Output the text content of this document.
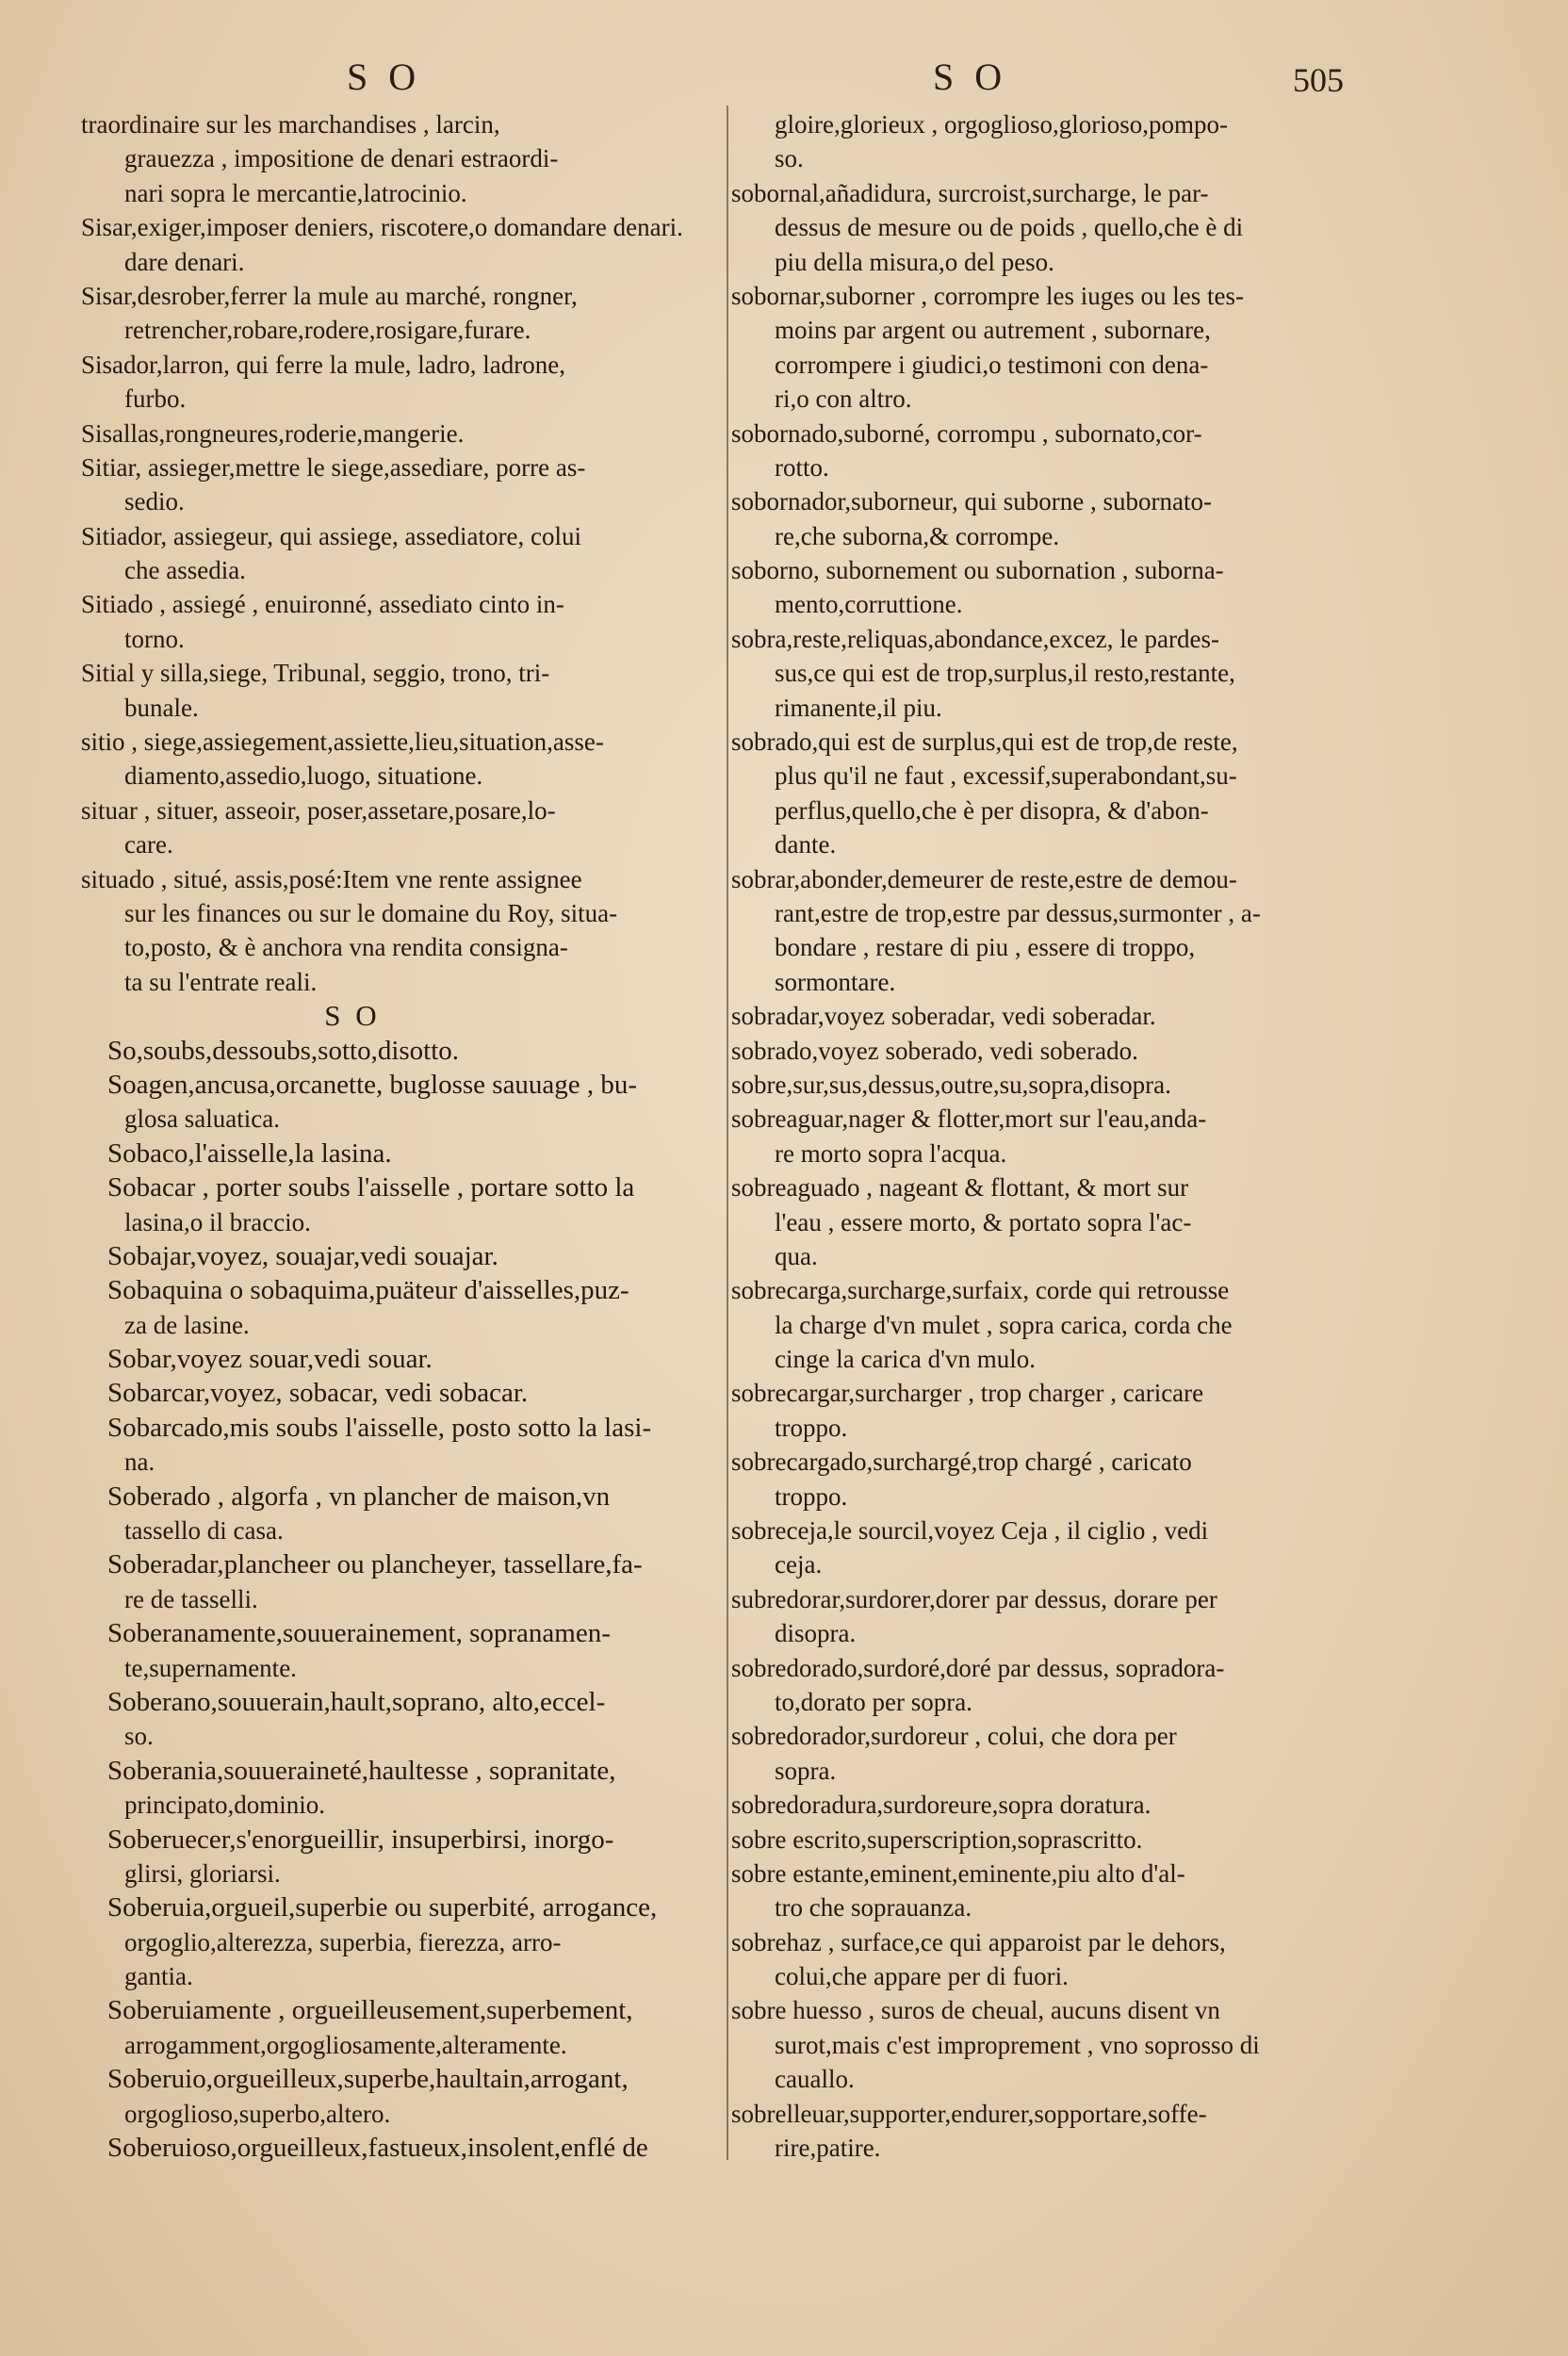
S O	S O	505
traordinaire sur les marchandises , larcin,
grauezza , impositione de denari estraordi-
nari sopra le mercantie,latrocinio.
Sisar,exiger,imposer deniers, riscotere,o domandare denari.
dare denari.
Sisar,desrober,ferrer la mule au marché, rongner,
retrencher,robare,rodere,rosigare,furare.
Sisador,larron, qui ferre la mule, ladro, ladrone,
furbo.
Sisallas,rongneures,roderie,mangerie.
Sitiar, assieger,mettre le siege,assediare, porre as-
sedio.
Sitiador, assiegeur, qui assiege, assediatore, colui
che assedia.
Sitiado , assiegé , enuironné, assediato cinto in-
torno.
Sitial y silla,siege, Tribunal, seggio, trono, tri-
bunale.
sitio , siege,assiegement,assiette,lieu,situation,asse-
diamento,assedio,luogo, situatione.
situar , situer, asseoir, poser,assetare,posare,lo-
care.
situado , situé, assis,posé:Item vne rente assignee
sur les finances ou sur le domaine du Roy, situa-
to,posto, & è anchora vna rendita consigna-
ta su l'entrate reali.
S O
So,soubs,dessoubs,sotto,disotto.
Soagen,ancusa,orcanette, buglosse sauuage , bu-
glosa saluatica.
Sobaco,l'aisselle,la lasina.
Sobacar , porter soubs l'aisselle , portare sotto la
lasina,o il braccio.
Sobajar,voyez, souajar,vedi souajar.
Sobaquina o sobaquima,puäteur d'aisselles,puz-
za de lasine.
Sobar,voyez souar,vedi souar.
Sobarcar,voyez, sobacar, vedi sobacar.
Sobarcado,mis soubs l'aisselle, posto sotto la lasi-
na.
Soberado , algorfa , vn plancher de maison,vn
tassello di casa.
Soberadar,plancheer ou plancheyer, tassellare,fa-
re de tasselli.
Soberanamente,souuerainement, sopranamen-
te,supernamente.
Soberano,souuerain,hault,soprano, alto,eccel-
so.
Soberania,souueraineté,haultesse , sopranitate,
principato,dominio.
Soberuecer,s'enorgueillir, insuperbirsi, inorgo-
glirsi, gloriarsi.
Soberuia,orgueil,superbie ou superbité, arrogance,
orgoglio,alterezza, superbia, fierezza, arro-
gantia.
Soberuiamente , orgueilleusement,superbement,
arrogamment,orgogliosamente,alteramente.
Soberuio,orgueilleux,superbe,haultain,arrogant,
orgoglioso,superbo,altero.
Soberuioso,orgueilleux,fastueux,insolent,enflé de
gloire,glorieux , orgoglioso,glorioso,pompo-
so.
sobornal,añadidura, surcroist,surcharge, le par-
dessus de mesure ou de poids , quello,che è di
piu della misura,o del peso.
sobornar,suborner , corrompre les iuges ou les tes-
moins par argent ou autrement , subornare,
corrompere i giudici,o testimoni con dena-
ri,o con altro.
sobornado,suborné, corrompu , subornato,cor-
rotto.
sobornador,suborneur, qui suborne , subornato-
re,che suborna,& corrompe.
soborno, subornement ou subornation , suborna-
mento,corruttione.
sobra,reste,reliquas,abondance,excez, le pardes-
sus,ce qui est de trop,surplus,il resto,restante,
rimanente,il piu.
sobrado,qui est de surplus,qui est de trop,de reste,
plus qu'il ne faut , excessif,superabondant,su-
perflus,quello,che è per disopra, & d'abon-
dante.
sobrar,abonder,demeurer de reste,estre de demou-
rant,estre de trop,estre par dessus,surmonter , a-
bondare , restare di piu , essere di troppo,
sormontare.
sobradar,voyez soberadar, vedi soberadar.
sobrado,voyez soberado, vedi soberado.
sobre,sur,sus,dessus,outre,su,sopra,disopra.
sobreaguar,nager & flotter,mort sur l'eau,anda-
re morto sopra l'acqua.
sobreaguado , nageant & flottant, & mort sur
l'eau , essere morto, & portato sopra l'ac-
qua.
sobrecarga,surcharge,surfaix, corde qui retrousse
la charge d'vn mulet , sopra carica, corda che
cinge la carica d'vn mulo.
sobrecargar,surcharger , trop charger , caricare
troppo.
sobrecargado,surchargé,trop chargé , caricato
troppo.
sobreceja,le sourcil,voyez Ceja , il ciglio , vedi
ceja.
subredorar,surdorer,dorer par dessus, dorare per
disopra.
sobredorado,surdoré,doré par dessus, sopradora-
to,dorato per sopra.
sobredorador,surdoreur , colui, che dora per
sopra.
sobredoradura,surdoreure,sopra doratura.
sobre escrito,superscription,soprascritto.
sobre estante,eminent,eminente,piu alto d'al-
tro che soprauanza.
sobrehaz , surface,ce qui apparoist par le dehors,
colui,che appare per di fuori.
sobre huesso , suros de cheual, aucuns disent vn
surot,mais c'est improprement , vno soprosso di
cauallo.
sobrelleuar,supporter,endurer,sopportare,soffe-
rire,patire.
